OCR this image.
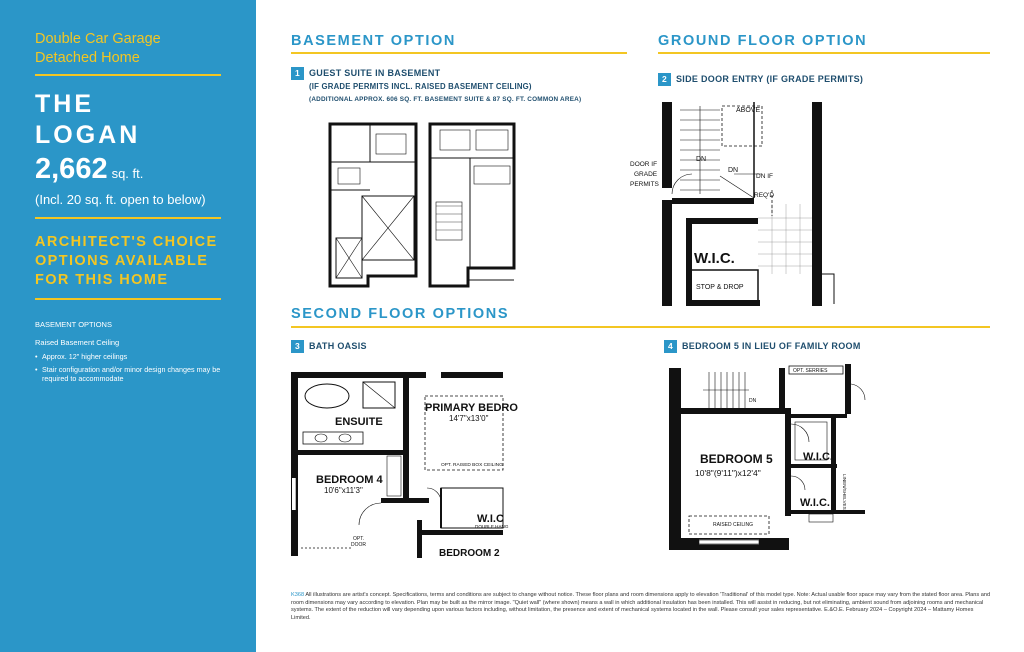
Double Car Garage
Detached Home
THE
LOGAN
2,662 sq. ft.
(Incl. 20 sq. ft. open to below)
ARCHITECT'S CHOICE
OPTIONS AVAILABLE
FOR THIS HOME
BASEMENT OPTIONS
Raised Basement Ceiling
• Approx. 12" higher ceilings
• Stair configuration and/or minor design changes may be required to accommodate
BASEMENT OPTION	GROUND FLOOR OPTION
SECOND FLOOR OPTIONS
1 GUEST SUITE IN BASEMENT
(IF GRADE PERMITS INCL. RAISED BASEMENT CEILING)
(ADDITIONAL APPROX. 606 SQ. FT. BASEMENT SUITE & 87 SQ. FT. COMMON AREA)
2 SIDE DOOR ENTRY (IF GRADE PERMITS)
3 BATH OASIS	4 BEDROOM 5 IN LIEU OF FAMILY ROOM
ABOVE
DN
DN
DOOR IF
GRADE
PERMITS
DN IF
REQ'D
W.I.C.
STOP & DROP
ENSUITE
PRIMARY BEDRO
14'7"x13'0"
OPT. RAISED BOX CEILING
BEDROOM 4
10'6"x11'3"
OPT.
DOOR
W.I.C
DOUBLE HANG
BEDROOM 2
OPT. SERRIES
DN
BEDROOM 5
10'8"(9'11")x12'4"
W.I.C.
W.I.C.	LINEN/SHELVES
RAISED CEILING
K368 All illustrations are artist's concept. Specifications, terms and conditions are subject to change without notice. These floor plans and room dimensions apply to elevation 'Traditional' of this model type. Note: Actual usable floor space may vary from the stated floor area. Plans and room dimensions may vary according to elevation. Plan may be built as the mirror image. "Quiet wall" (where shown) means a wall in which additional insulation has been installed. This will assist in reducing, but not eliminating, ambient sound from adjoining rooms and mechanical systems. The extent of the reduction will vary depending upon various factors including, without limitation, the presence and extent of mechanical systems located in the wall. Please consult your sales representative. E.&O.E. February 2024 – Copyright 2024 – Mattamy Homes Limited.
